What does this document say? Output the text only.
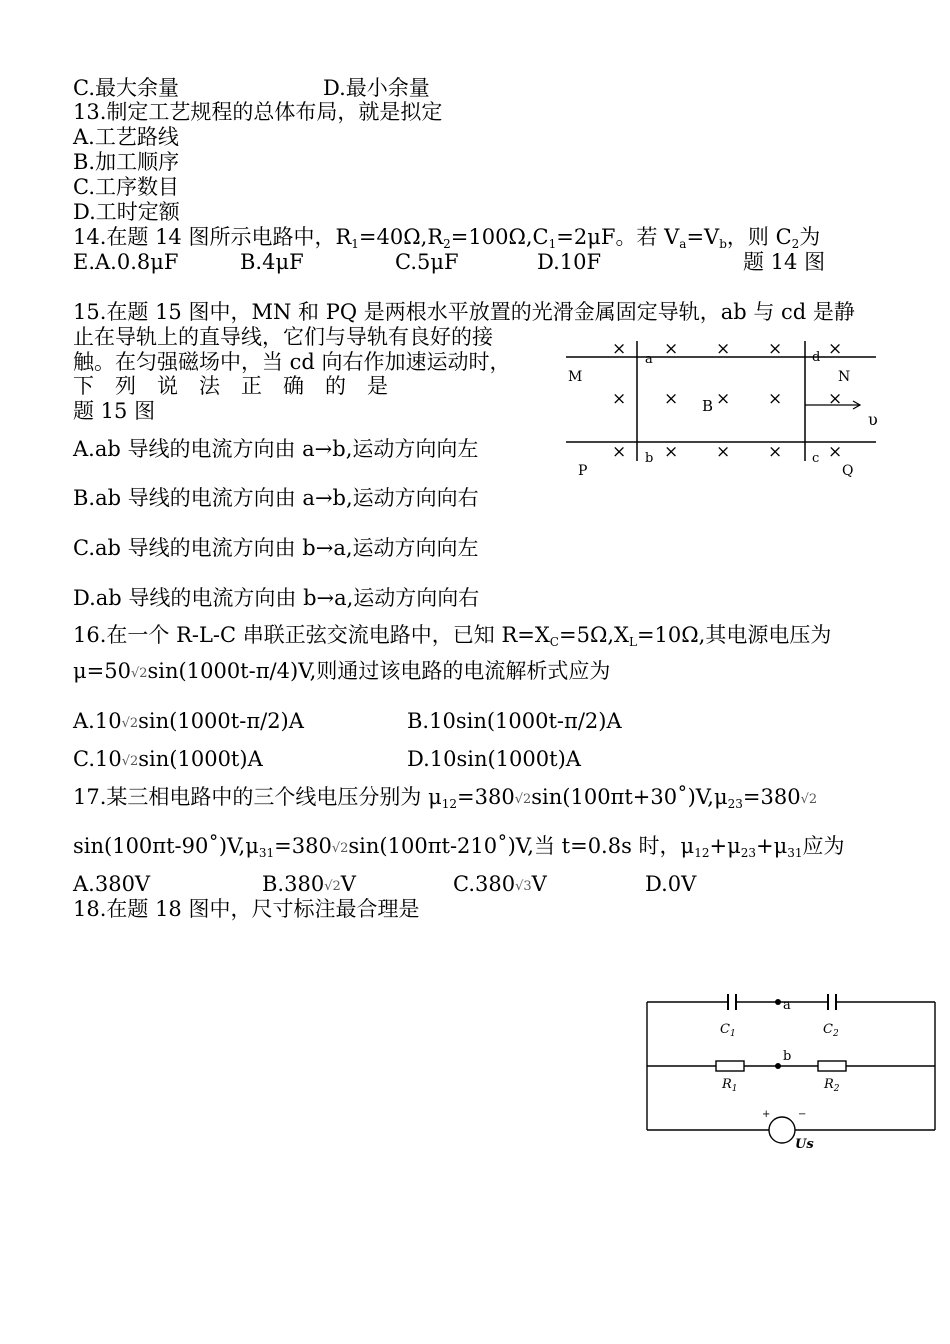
C.最大余量	D.最小余量
13.制定工艺规程的总体布局，就是拟定
A.工艺路线
B.加工顺序
C.工序数目
D.工时定额
14.在题 14 图所示电路中，$R_1=40\Omega,R_2=100\Omega,C_1=2\mu F$。若 $V_a=V_b$，则 $C_2$为
E.A.0.8μF	B.4μF	C.5μF	D.10F	题 14 图
15.在题 15 图中，MN 和 PQ 是两根水平放置的光滑金属固定导轨，ab 与 cd 是静
止在导轨上的直导线，它们与导轨有良好的接
触。在匀强磁场中，当 cd 向右作加速运动时，
下　列　说　法　正　确　的　是
题 15 图
A.ab 导线的电流方向由 a→b,运动方向向左
B.ab 导线的电流方向由 a→b,运动方向向右
C.ab 导线的电流方向由 b→a,运动方向向左
D.ab 导线的电流方向由 b→a,运动方向向右
M	N
P	Q
a
b
d
c
B
υ
× × × ×	×
× × × ×	×
× × × ×	×
16.在一个 R-L-C 串联正弦交流电路中，已知 $R=X_C=5\Omega,X_L=10\Omega$,其电源电压为
μ=50√2sin(1000t-π/4)V,则通过该电路的电流解析式应为
A.10√2sin(1000t-π/2)A	B.10sin(1000t-π/2)A
C.10√2sin(1000t)A	D.10sin(1000t)A
17.某三相电路中的三个线电压分别为 $\mu_{12}=380√2\sin(100\pi t+30˚)V,\mu_{23}=380√2$
$\sin(100\pi t-90˚)V,\mu_{31}=380√2\sin(100\pi t-210˚)V$,当 t=0.8s 时，$\mu_{12}+\mu_{23}+\mu_{31}$应为
A.380V	B.380√2V	C.380√3V	D.0V
18.在题 18 图中，尺寸标注最合理是
a
b
$C_1$	$C_2$
$R_1$	$R_2$
+	−
Us
